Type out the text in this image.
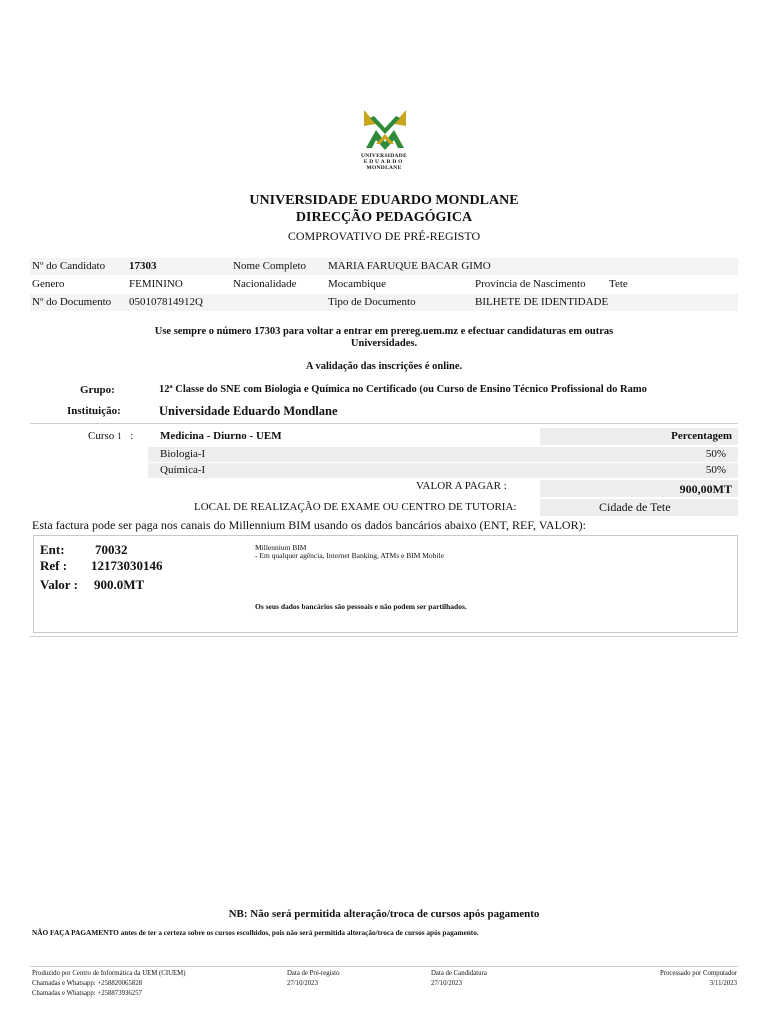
UNIVERSIDADE
EDUARDO
MONDLANE
UNIVERSIDADE EDUARDO MONDLANE
DIRECÇÃO PEDAGÓGICA
COMPROVATIVO DE PRÉ-REGISTO
Nº do Candidato 17303	Nome Completo MARIA FARUQUE BACAR GIMO
Genero	FEMININO	Nacionalidade	Mocambique	Província de Nascimento Tete
Nº do Documento 050107814912Q	Tipo de Documento	BILHETE DE IDENTIDADE
Use sempre o número 17303 para voltar a entrar em prereg.uem.mz e efectuar candidaturas em outras
Universidades.
A validação das inscrições é online.
Grupo:	12ª Classe do SNE com Biologia e Química no Certificado (ou Curso de Ensino Técnico Profissional do Ramo
Instituição:	Universidade Eduardo Mondlane
Curso 1 : Medicina - Diurno - UEM	Percentagem
Biologia-I	50%
Química-I	50%
VALOR A PAGAR :	900,00MT
LOCAL DE REALIZAÇÃO DE EXAME OU CENTRO DE TUTORIA:	Cidade de Tete
Esta factura pode ser paga nos canais do Millennium BIM usando os dados bancários abaixo (ENT, REF, VALOR):
Ent: 70032
Ref : 12173030146
Valor : 900.0MT
Millennium BIM
- Em qualquer agência, Internet Banking, ATMs e BIM Mobile
Os seus dados bancários são pessoais e não podem ser partilhados.
NB: Não será permitida alteração/troca de cursos após pagamento
NÃO FAÇA PAGAMENTO antes de ter a certeza sobre os cursos escolhidos, pois não será permitida alteração/troca de cursos após pagamento.
Produzido por Centro de Informática da UEM (CIUEM)
Chamadas e Whatsapp: +258820065828
Chamadas e Whatsapp: +258873936257
Data de Pré-registo
27/10/2023
Data de Candidatura
27/10/2023
Processado por Computador
3/11/2023
